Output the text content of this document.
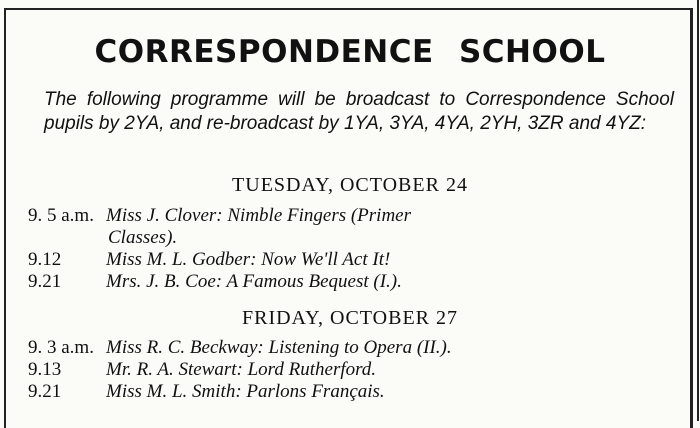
CORRESPONDENCE SCHOOL
The following programme will be broadcast to Correspondence School pupils by 2YA, and re-broadcast by 1YA, 3YA, 4YA, 2YH, 3ZR and 4YZ:
TUESDAY, OCTOBER 24
9. 5 a.m. Miss J. Clover: Nimble Fingers (Primer
Classes).
9.12 Miss M. L. Godber: Now We'll Act It!
9.21 Mrs. J. B. Coe: A Famous Bequest (I.).
FRIDAY, OCTOBER 27
9. 3 a.m. Miss R. C. Beckway: Listening to Opera (II.).
9.13 Mr. R. A. Stewart: Lord Rutherford.
9.21 Miss M. L. Smith: Parlons Français.
